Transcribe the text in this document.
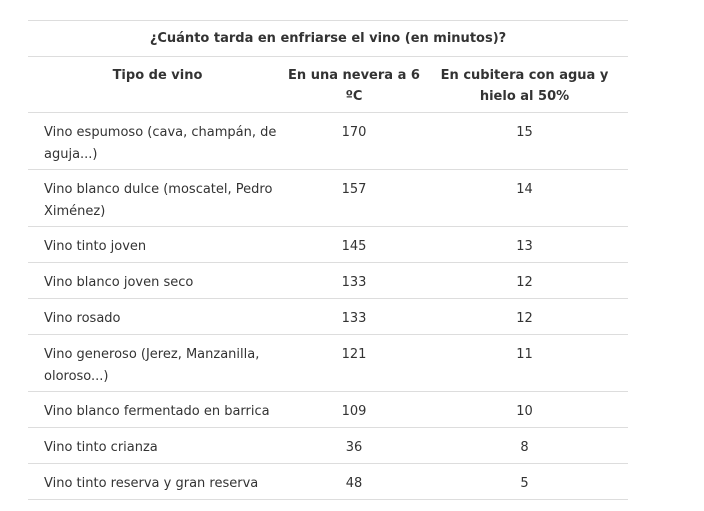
¿Cuánto tarda en enfriarse el vino (en minutos)?		
Tipo de vino	En una nevera a 6 ºC	En cubitera con agua y hielo al 50%
Vino espumoso (cava, champán, de aguja...)	170	15
Vino blanco dulce (moscatel, Pedro Ximénez)	157	14
Vino tinto joven	145	13
Vino blanco joven seco	133	12
Vino rosado	133	12
Vino generoso (Jerez, Manzanilla, oloroso...)	121	11
Vino blanco fermentado en barrica	109	10
Vino tinto crianza	36	8
Vino tinto reserva y gran reserva	48	5
